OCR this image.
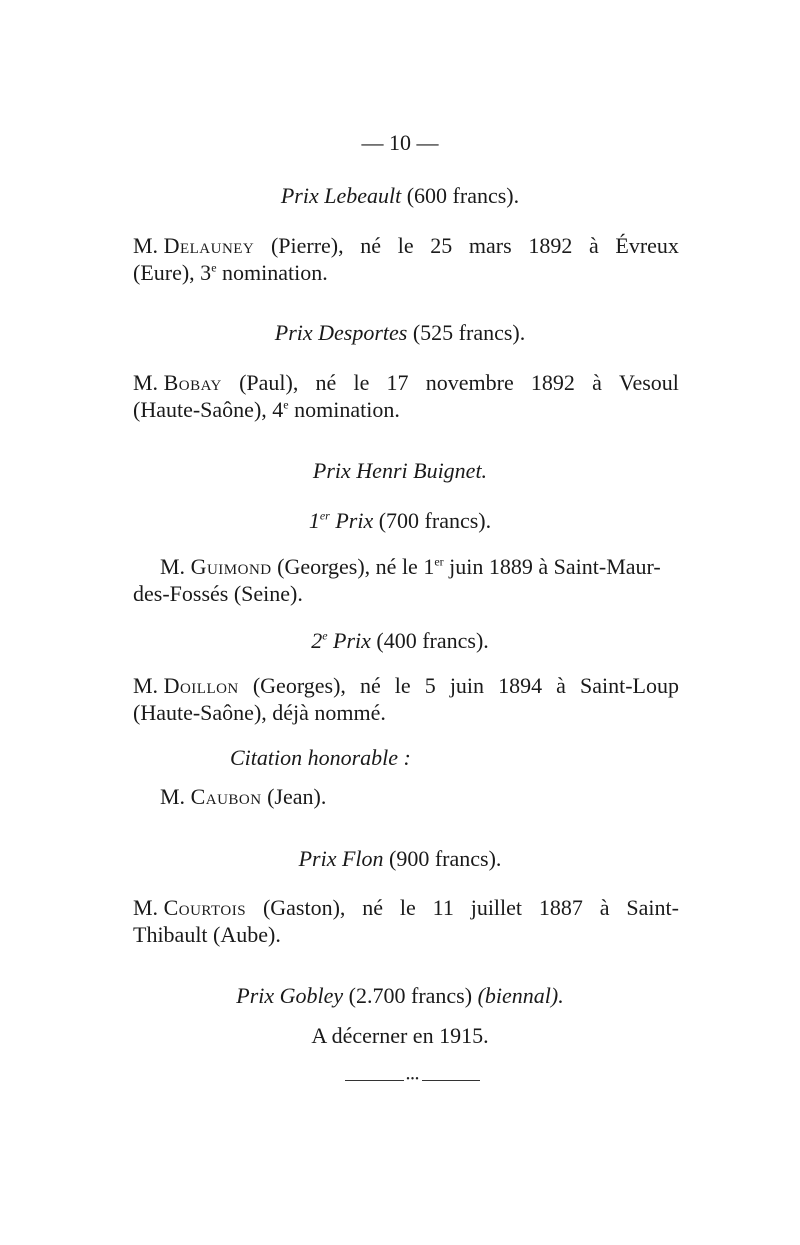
— 10 —
Prix Lebeault (600 francs).
M. Delauney (Pierre), né le 25 mars 1892 à Évreux
(Eure), 3e nomination.
Prix Desportes (525 francs).
M. Bobay (Paul), né le 17 novembre 1892 à Vesoul
(Haute-Saône), 4e nomination.
Prix Henri Buignet.
1er Prix (700 francs).
M. Guimond (Georges), né le 1er juin 1889 à Saint-Maur-
des-Fossés (Seine).
2e Prix (400 francs).
M. Doillon (Georges), né le 5 juin 1894 à Saint-Loup
(Haute-Saône), déjà nommé.
Citation honorable :
M. Caubon (Jean).
Prix Flon (900 francs).
M. Courtois (Gaston), né le 11 juillet 1887 à Saint-
Thibault (Aube).
Prix Gobley (2.700 francs) (biennal).
A décerner en 1915.
•••
